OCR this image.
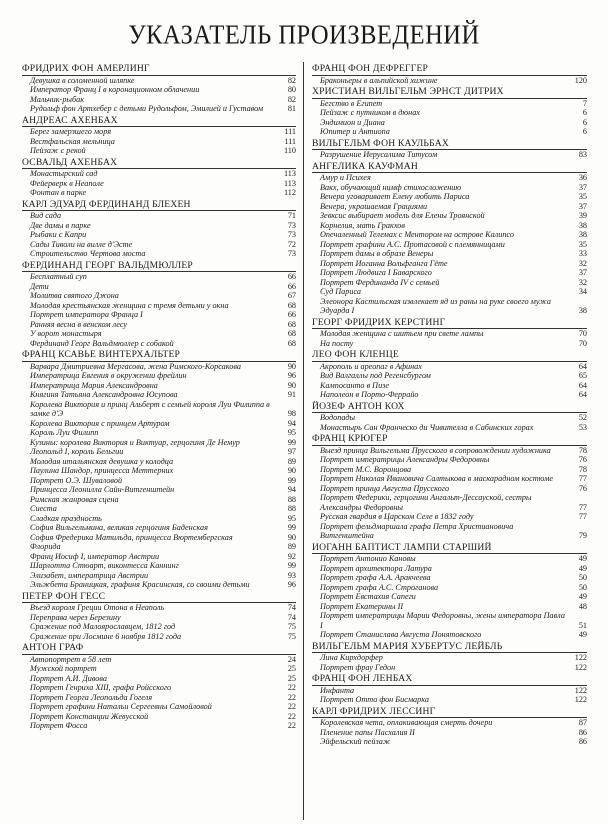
УКАЗАТЕЛЬ ПРОИЗВЕДЕНИЙ
ФРИДРИХ ФОН АМЕРЛИНГ
Девушка в соломенной шляпке	82
Император Франц I в коронационном облачении	80
Мальчик-рыбак	82
Рудольф фон Артхебер с детьми Рудольфом, Эмилией и Густавом	81
АНДРЕАС АХЕНБАХ
Берег замерзшего моря	111
Вестфальская мельница	111
Пейзаж с рекой	110
ОСВАЛЬД АХЕНБАХ
Монастырский сад	113
Фейерверк в Неаполе	113
Фонтан в парке	112
КАРЛ ЭДУАРД ФЕРДИНАНД БЛЕХЕН
Вид сада	71
Две дамы в парке	73
Рыбаки с Капри	73
Сады Тиволи на вилле д'Эсте	72
Строительство Чертова моста	73
ФЕРДИНАНД ГЕОРГ ВАЛЬДМЮЛЛЕР
Бесплатный суп	66
Дети	66
Молитва святого Джона	67
Молодая крестьянская женщина с тремя детьми у окна	68
Портрет императора Франца I	66
Ранняя весна в венском лесу	68
У ворот монастыря	68
Фердинанд Георг Вальдмюллер с собакой	68
ФРАНЦ КСАВЬЕ ВИНТЕРХАЛЬТЕР
Варвара Дмитриевна Мергасова, жена Римского-Корсакова	90
Императрица Евгения в окружении фрейлин	96
Императрица Мария Александровна	90
Княгиня Татьяна Александровна Юсупова	91
Королева Виктория и принц Альберт с семьей короля Луи Филиппа в замке д'Э	98
Королева Виктория с принцем Артуром	94
Король Луи Филипп	95
Кузины: королева Виктория и Виктуар, герцогиня Де Немур	99
Леопольд I, король Бельгии	97
Молодая итальянская девушка у колодца	89
Паулина Шандор, принцесса Меттерних	90
Портрет О.Э. Шуваловой	99
Принцесса Леонилла Сайн-Витгенштейн	94
Римская жанровая сцена	88
Сиеста	88
Сладкая праздность	95
София Вильгельмина, великая герцогиня Баденская	99
София Фредерика Матильда, принцесса Вюртембергская	90
Флорида	89
Франц Иосиф I, император Австрии	92
Шарлотта Стюарт, виконтесса Каннинг	99
Элизабет, императрица Австрии	93
Эльжбета Браницкая, графиня Красинская, со своими детьми	96
ПЕТЕР ФОН ГЕСС
Въезд короля Греции Отона в Неаполь	74
Переправа через Березину	74
Сражение под Малоярославцем, 1812 год	75
Сражение при Лосмине 6 ноября 1812 года	75
АНТОН ГРАФ
Автопортрет в 58 лет	24
Мужской портрет	25
Портрет А.И. Дивова	25
Портрет Генриха XIII, графа Ройсского	22
Портрет Георга Леопольда Гогеля	22
Портрет графини Натальи Сергеевны Самойловой	22
Портрет Констанции Жевусской	22
Портрет Фосса	22
ФРАНЦ ФОН ДЕФРЕГГЕР
Браконьеры в альпийской хижине	120
ХРИСТИАН ВИЛЬГЕЛЬМ ЭРНСТ ДИТРИХ
Бегство в Египет	7
Пейзаж с путником в дюнах	6
Эндимион и Диана	6
Юпитер и Антиопа	6
ВИЛЬГЕЛЬМ ФОН КАУЛЬБАХ
Разрушение Иерусалима Титусом	83
АНГЕЛИКА КАУФМАН
Амур и Психея	36
Вакх, обучающий нимф стихосложению	37
Венера уговаривает Елену любить Париса	35
Венера, украшаемая Грациями	37
Зевксис выбирает модель для Елены Троянской	39
Корнелия, мать Гракхов	38
Опечаленный Телемах с Ментором на острове Калипсо	38
Портрет графини А.С. Протасовой с племянницами	35
Портрет дамы в образе Венеры	33
Портрет Иоганна Вольфганга Гёте	32
Портрет Людвига I Баварского	37
Портрет Фердинанда IV с семьей	32
Суд Париса	34
Элеонора Кастильская извлекает яд из раны на руке своего мужа Эдуарда I	38
ГЕОРГ ФРИДРИХ КЕРСТИНГ
Молодая женщина с шитьем при свете лампы	70
На посту	70
ЛЕО ФОН КЛЕНЦЕ
Акрополь и ареопаг в Афинах	64
Вид Валгаллы под Регенсбургом	65
Кампосанто в Пизе	64
Наполеон в Порто-Феррайо	64
ЙОЗЕФ АНТОН КОХ
Водопады	52
Монастырь Сан Франческо ди Чивителла в Сабинских горах	53
ФРАНЦ КРЮГЕР
Выезд принца Вильгельма Прусского в сопровождении художника	78
Портрет императрицы Александры Федоровны	76
Портрет М.С. Воронцова	78
Портрет Николая Ивановича Салтыкова в маскарадном костюме	77
Портрет принца Августа Прусского	76
Портрет Федерики, герцогини Ангальт-Дессауской, сестры Александры Федоровны	77
Русская гвардия в Царском Селе в 1832 году	77
Портрет фельдмаршала графа Петра Христиановича Витгенштейна	79
ИОГАНН БАПТИСТ ЛАМПИ СТАРШИЙ
Портрет Антонио Кановы	49
Портрет архитектора Латура	49
Портрет графа А.А. Аракчеева	50
Портрет графа А.С. Строганова	50
Портрет Евстахия Сапеги	49
Портрет Екатерины II	48
Портрет императрицы Марии Федоровны, жены императора Павла I	51
Портрет Станислава Августа Понятовского	49
ВИЛЬГЕЛЬМ МАРИЯ ХУБЕРТУС ЛЕЙБЛЬ
Лина Кирхдорфер	122
Портрет фрау Гедон	122
ФРАНЦ ФОН ЛЕНБАХ
Инфанта	122
Портрет Отто фон Бисмарка	122
КАРЛ ФРИДРИХ ЛЕССИНГ
Королевская чета, оплакивающая смерть дочери	87
Пленение папы Пасхалия II	86
Эйфельский пейзаж	86
